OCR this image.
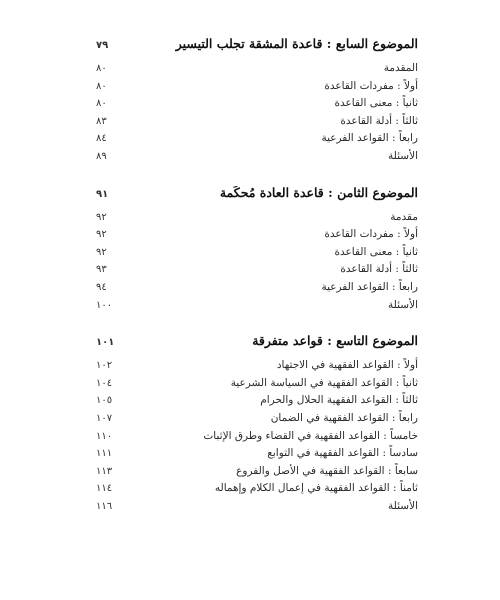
الموضوع السابع : قاعدة المشقة تجلب التيسير
٧٩
المقدمة
٨٠
أولاً : مفردات القاعدة
٨٠
ثانياً : معنى القاعدة
٨٠
ثالثاً : أدلة القاعدة
٨٣
رابعاً : القواعد الفرعية
٨٤
الأسئلة
٨٩
الموضوع الثامن : قاعدة العادة مُحكَمة
٩١
مقدمة
٩٢
أولاً : مفردات القاعدة
٩٢
ثانياً : معنى القاعدة
٩٢
ثالثاً : أدلة القاعدة
٩٣
رابعاً : القواعد الفرعية
٩٤
الأسئلة
١٠٠
الموضوع التاسع : قواعد متفرقة
١٠١
أولاً : القواعد الفقهية في الاجتهاد
١٠٢
ثانياً : القواعد الفقهية في السياسة الشرعية
١٠٤
ثالثاً : القواعد الفقهية الحلال والحرام
١٠٥
رابعاً : القواعد الفقهية في الضمان
١٠٧
خامساً : القواعد الفقهية في القضاء وطرق الإثبات
١١٠
سادساً : القواعد الفقهية في التوابع
١١١
سابعاً : القواعد الفقهية في الأصل والفروع
١١٣
ثامناً : القواعد الفقهية في إعمال الكلام وإهماله
١١٤
الأسئلة
١١٦
